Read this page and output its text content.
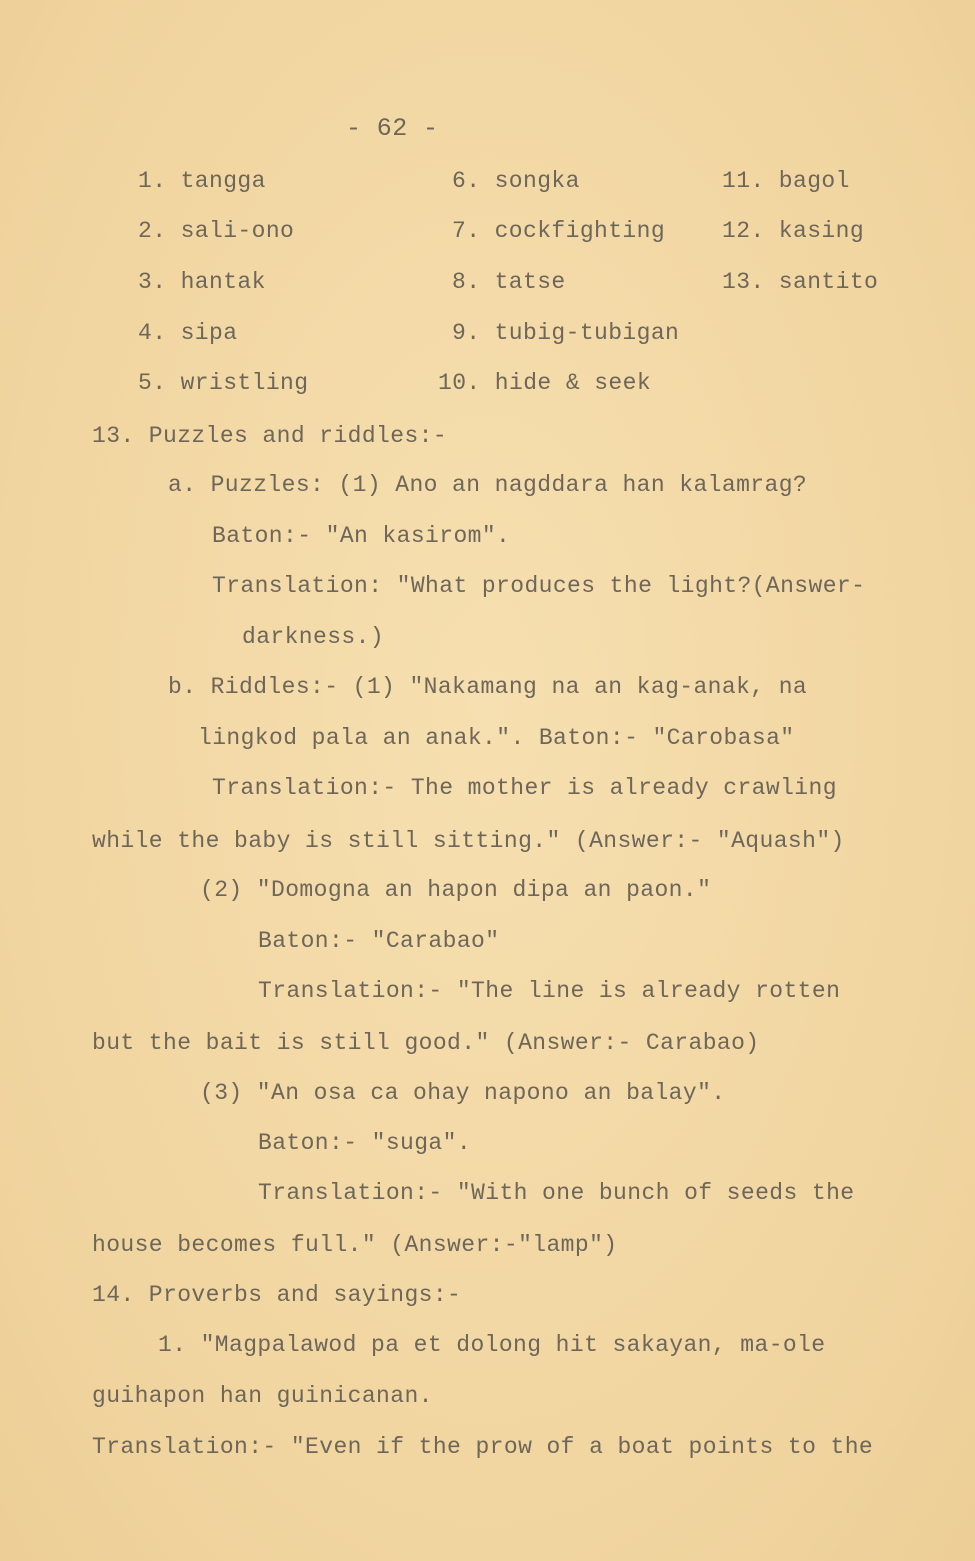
- 62 -
1. tangga
2. sali-ono
3. hantak
4. sipa
5. wristling
6. songka
7. cockfighting
8. tatse
9. tubig-tubigan
10. hide & seek
11. bagol
12. kasing
13. santito
13. Puzzles and riddles:-
a. Puzzles: (1) Ano an nagddara han kalamrag?
Baton:- "An kasirom".
Translation: "What produces the light?(Answer-
darkness.)
b. Riddles:- (1) "Nakamang na an kag-anak, na
lingkod pala an anak.". Baton:- "Carobasa"
Translation:- The mother is already crawling
while the baby is still sitting." (Answer:- "Aquash")
(2) "Domogna an hapon dipa an paon."
Baton:- "Carabao"
Translation:- "The line is already rotten
but the bait is still good." (Answer:- Carabao)
(3) "An osa ca ohay napono an balay".
Baton:- "suga".
Translation:- "With one bunch of seeds the
house becomes full." (Answer:-"lamp")
14. Proverbs and sayings:-
1. "Magpalawod pa et dolong hit sakayan, ma-ole
guihapon han guinicanan.
Translation:- "Even if the prow of a boat points to the
